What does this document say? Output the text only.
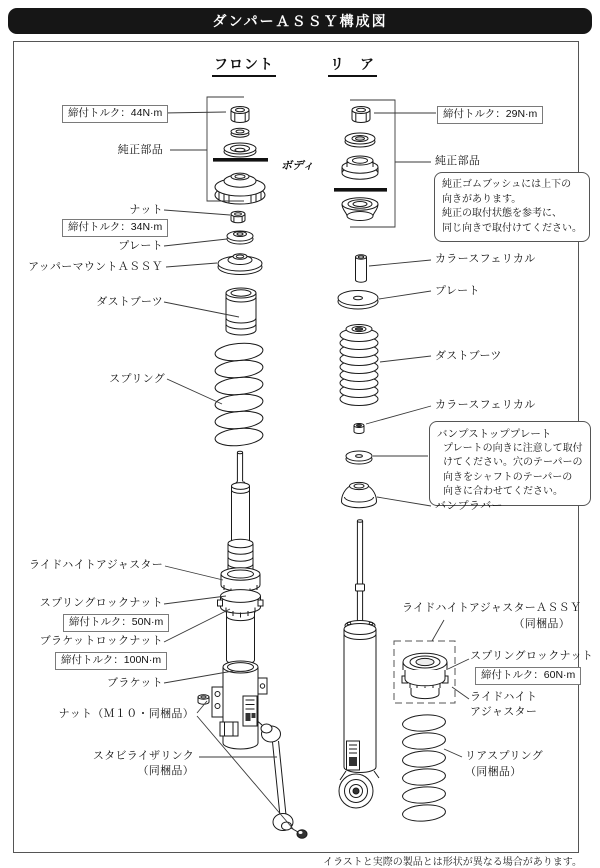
ダンパーＡＳＳＹ構成図
フロント	リ　ア
締付トルク：44N·m
純正部品
ボディ
ナット
締付トルク：34N·m
プレート
アッパーマウントＡＳＳＹ
ダストブーツ
スプリング
ライドハイトアジャスター
スプリングロックナット
締付トルク：50N·m
ブラケットロックナット
締付トルク：100N·m
ブラケット
ナット（Ｍ１０・同梱品）
スタビライザリンク
（同梱品）
締付トルク：29N·m
純正部品
純正ゴムブッシュには上下の
向きがあります。
純正の取付状態を参考に、
同じ向きで取付けてください。
カラースフェリカル
プレート
ダストブーツ
カラースフェリカル
バンプストッププレート
プレートの向きに注意して取付
けてください。穴のテーパーの
向きをシャフトのテーパーの
向きに合わせてください。
バンプラバー
ライドハイトアジャスターＡＳＳＹ
（同梱品）
スプリングロックナット
締付トルク：60N·m
ライドハイト
アジャスター
リアスプリング
（同梱品）
イラストと実際の製品とは形状が異なる場合があります。
